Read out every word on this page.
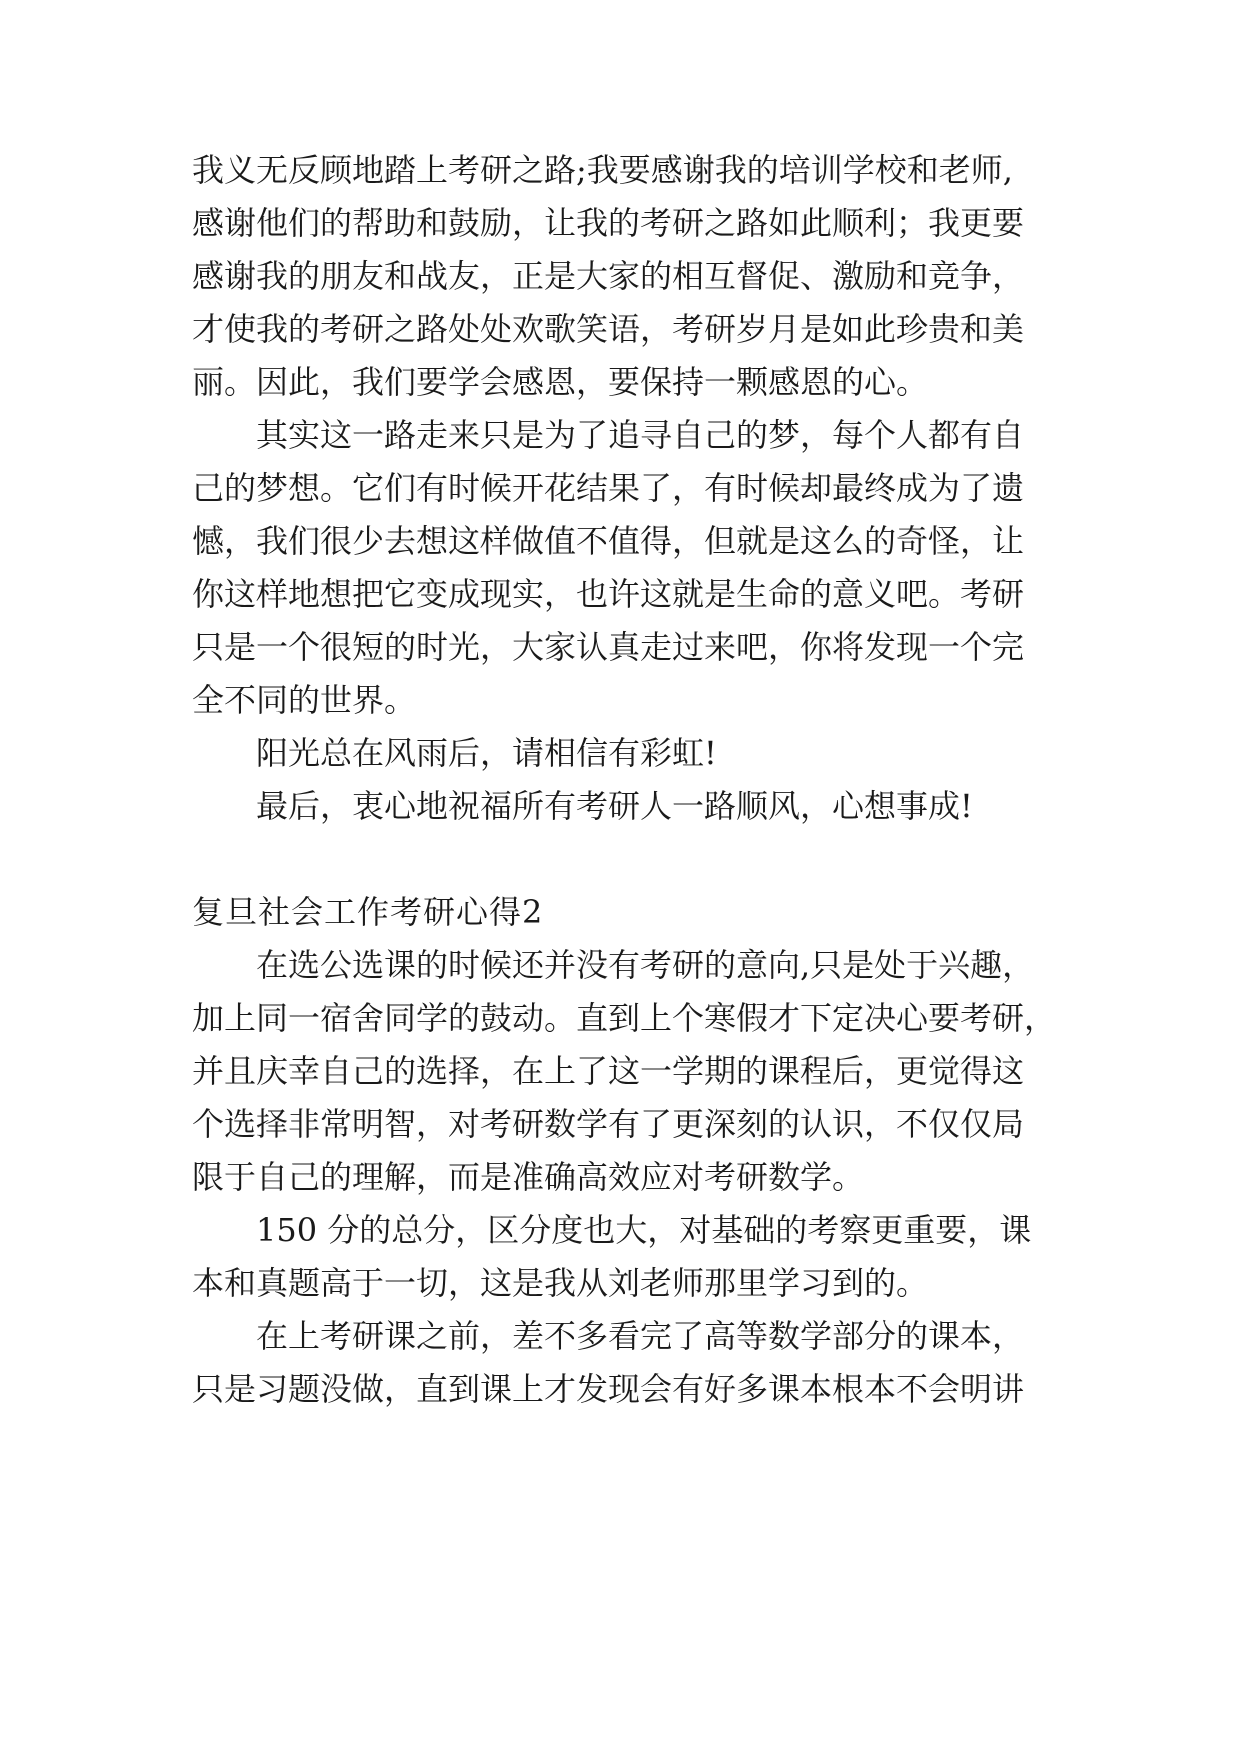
我义无反顾地踏上考研之路;我要感谢我的培训学校和老师,
感谢他们的帮助和鼓励，让我的考研之路如此顺利；我更要
感谢我的朋友和战友，正是大家的相互督促、激励和竞争，
才使我的考研之路处处欢歌笑语，考研岁月是如此珍贵和美
丽。因此，我们要学会感恩，要保持一颗感恩的心。
其实这一路走来只是为了追寻自己的梦，每个人都有自
己的梦想。它们有时候开花结果了，有时候却最终成为了遗
憾，我们很少去想这样做值不值得，但就是这么的奇怪，让
你这样地想把它变成现实，也许这就是生命的意义吧。考研
只是一个很短的时光，大家认真走过来吧，你将发现一个完
全不同的世界。
阳光总在风雨后，请相信有彩虹!
最后，衷心地祝福所有考研人一路顺风，心想事成!
复旦社会工作考研心得2
在选公选课的时候还并没有考研的意向,只是处于兴趣，
加上同一宿舍同学的鼓动。直到上个寒假才下定决心要考研，
并且庆幸自己的选择，在上了这一学期的课程后，更觉得这
个选择非常明智，对考研数学有了更深刻的认识，不仅仅局
限于自己的理解，而是准确高效应对考研数学。
150 分的总分，区分度也大，对基础的考察更重要，课
本和真题高于一切，这是我从刘老师那里学习到的。
在上考研课之前，差不多看完了高等数学部分的课本，
只是习题没做，直到课上才发现会有好多课本根本不会明讲
